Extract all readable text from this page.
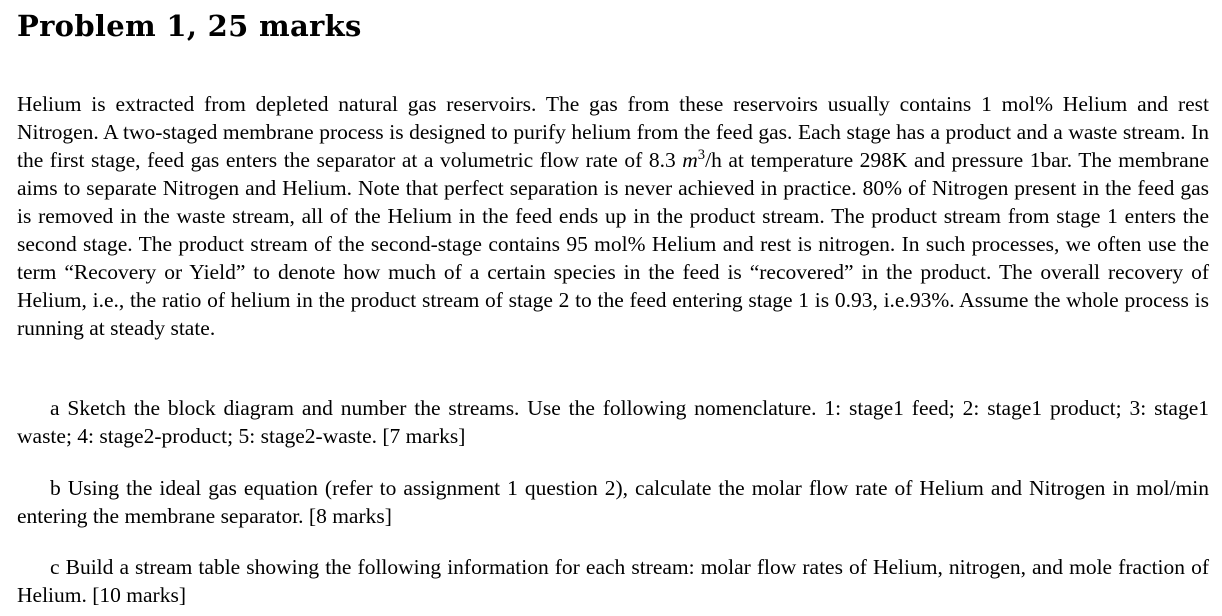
Problem 1, 25 marks

Helium is extracted from depleted natural gas reservoirs. The gas from these reservoirs usually contains 1 mol% Helium and rest Nitrogen. A two-staged membrane process is designed to purify helium from the feed gas. Each stage has a product and a waste stream. In the first stage, feed gas enters the separator at a volumetric flow rate of 8.3 $m^3/h$ at temperature 298K and pressure 1bar. The membrane aims to separate Nitrogen and Helium. Note that perfect separation is never achieved in practice. 80% of Nitrogen present in the feed gas is removed in the waste stream, all of the Helium in the feed ends up in the product stream. The product stream from stage 1 enters the second stage. The product stream of the second-stage contains 95 mol% Helium and rest is nitrogen. In such processes, we often use the term “Recovery or Yield” to denote how much of a certain species in the feed is “recovered” in the product. The overall recovery of Helium, i.e., the ratio of helium in the product stream of stage 2 to the feed entering stage 1 is 0.93, i.e.93%. Assume the whole process is running at steady state.

a Sketch the block diagram and number the streams. Use the following nomenclature. 1: stage1 feed; 2: stage1 product; 3: stage1 waste; 4: stage2-product; 5: stage2-waste. [7 marks]

b Using the ideal gas equation (refer to assignment 1 question 2), calculate the molar flow rate of Helium and Nitrogen in mol/min entering the membrane separator. [8 marks]

c Build a stream table showing the following information for each stream: molar flow rates of Helium, nitrogen, and mole fraction of Helium. [10 marks]
